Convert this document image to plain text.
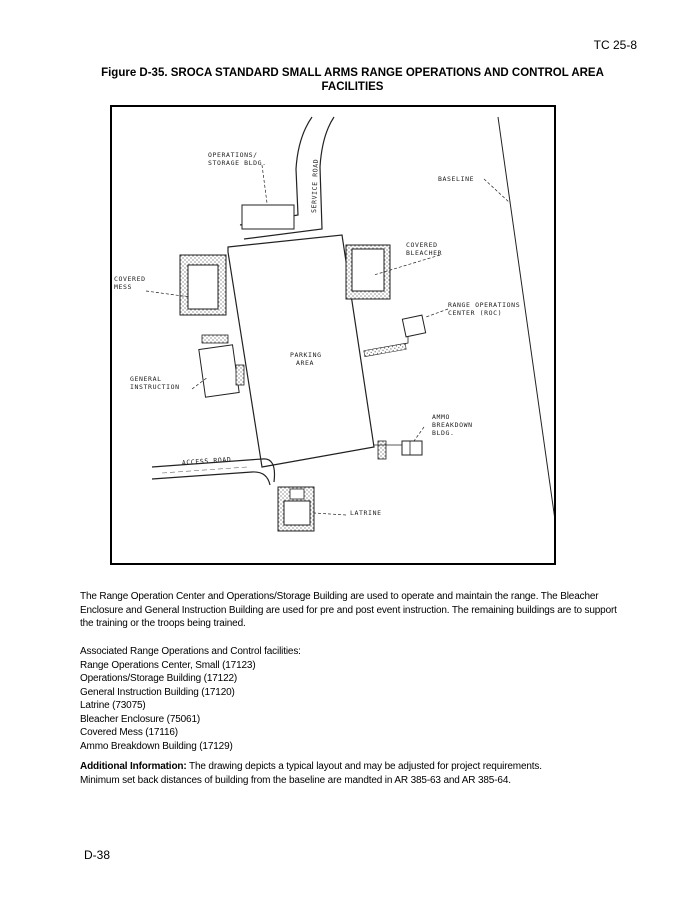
TC 25-8
Figure D-35. SROCA STANDARD SMALL ARMS RANGE OPERATIONS AND CONTROL AREA
FACILITIES
OPERATIONS/
STORAGE BLDG.	SERVICE ROAD	BASELINE
COVERED
BLEACHER
COVERED
MESS
RANGE OPERATIONS
CENTER (ROC)
PARKING
AREA
GENERAL
INSTRUCTION
AMMO
BREAKDOWN
BLDG.
ACCESS ROAD
LATRINE
The Range Operation Center and Operations/Storage Building are used to operate and maintain the range. The Bleacher Enclosure and General Instruction Building are used for pre and post event instruction. The remaining buildings are to support the training or the troops being trained.
Associated Range Operations and Control facilities:
Range Operations Center, Small (17123)
Operations/Storage Building (17122)
General Instruction Building (17120)
Latrine (73075)
Bleacher Enclosure (75061)
Covered Mess (17116)
Ammo Breakdown Building (17129)
Additional Information: The drawing depicts a typical layout and may be adjusted for project requirements.
Minimum set back distances of building from the baseline are mandted in AR 385-63 and AR 385-64.
D-38
